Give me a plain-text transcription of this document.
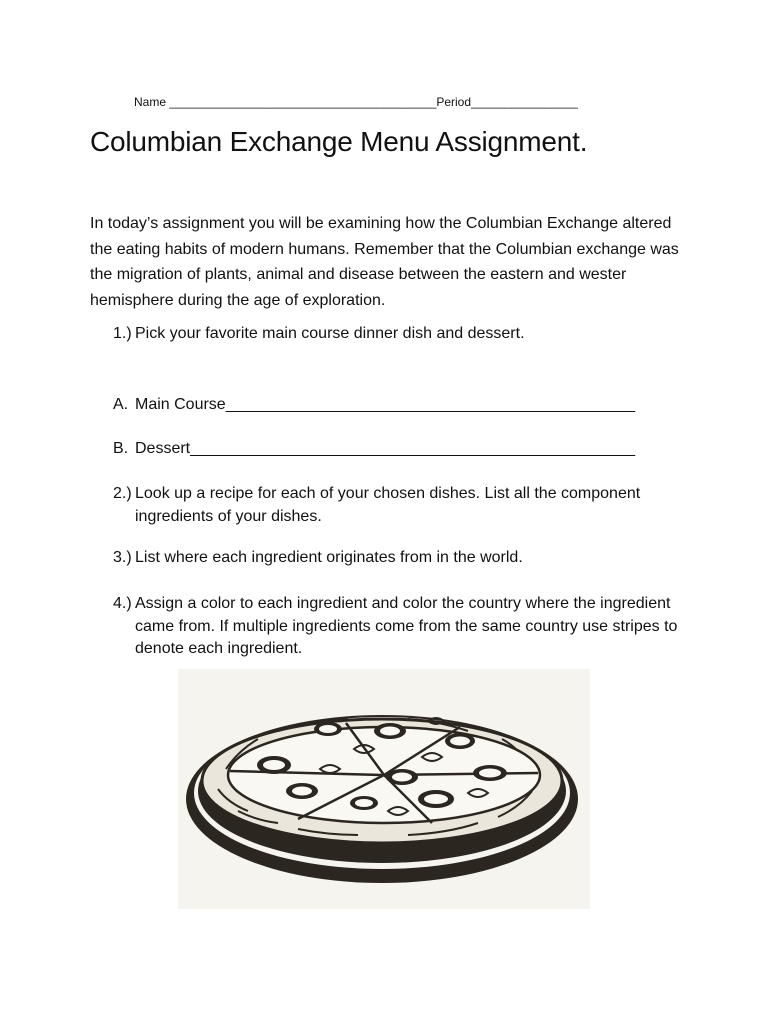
Name ________________________________________Period________________
Columbian Exchange Menu Assignment.

In today’s assignment you will be examining how the Columbian Exchange altered the eating habits of modern humans. Remember that the Columbian exchange was the migration of plants, animal and disease between the eastern and wester hemisphere during the age of exploration.

1.) Pick your favorite main course dinner dish and dessert.
A. Main Course______________________________________________
B. Dessert__________________________________________________
2.) Look up a recipe for each of your chosen dishes. List all the component ingredients of your dishes.
3.) List where each ingredient originates from in the world.
4.) Assign a color to each ingredient and color the country where the ingredient came from. If multiple ingredients come from the same country use stripes to denote each ingredient.
